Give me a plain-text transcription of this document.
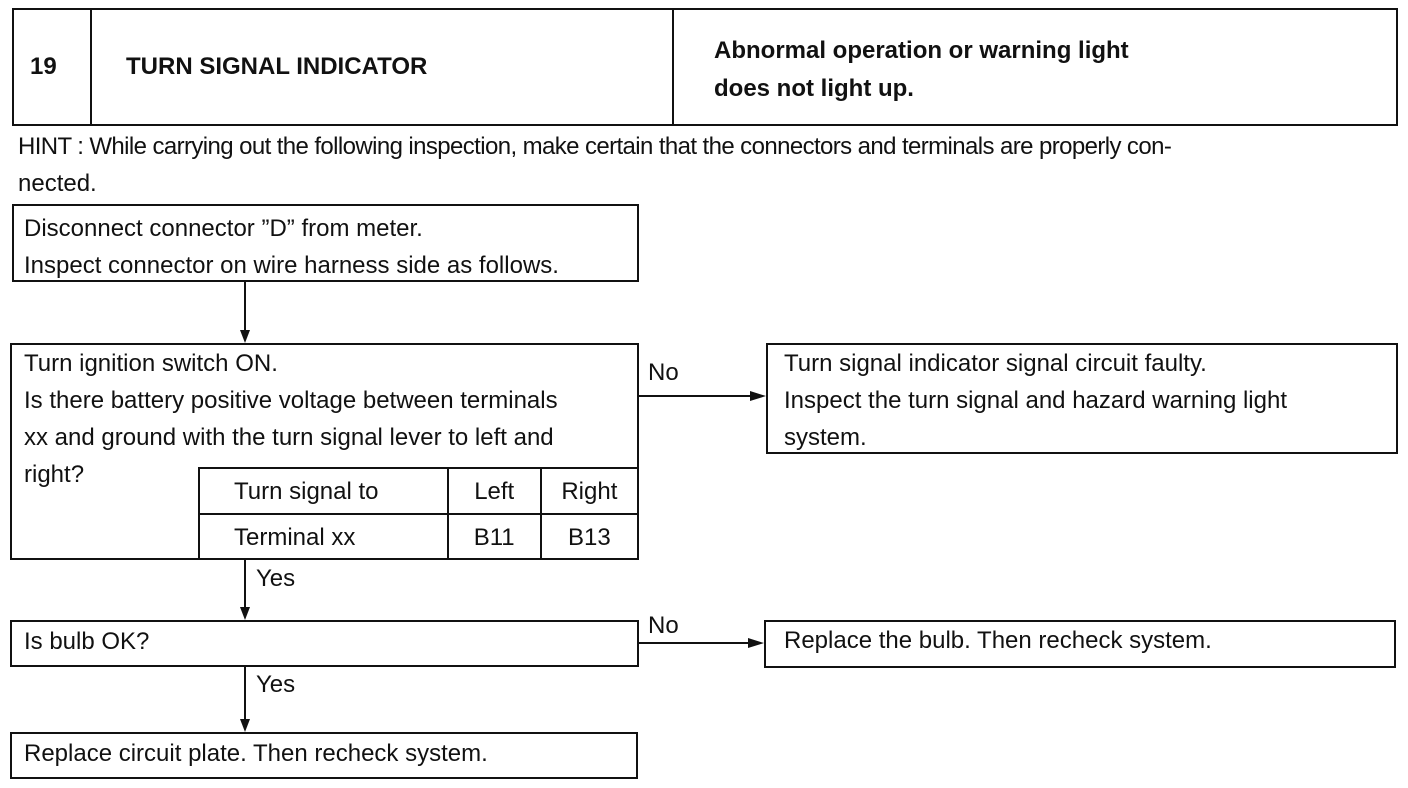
19	TURN SIGNAL INDICATOR
Abnormal operation or warning light
does not light up.
HINT : While carrying out the following inspection, make certain that the connectors and terminals are properly con-
nected.
Disconnect connector ”D” from meter.
Inspect connector on wire harness side as follows.
Turn ignition switch ON.
Is there battery positive voltage between terminals
xx and ground with the turn signal lever to left and
right?
Turn signal to	Left	Right
Terminal xx	B11	B13
Turn signal indicator signal circuit faulty.
Inspect the turn signal and hazard warning light
system.
Is bulb OK?	Replace the bulb. Then recheck system.
Replace circuit plate. Then recheck system.
No
Yes
No
Yes
